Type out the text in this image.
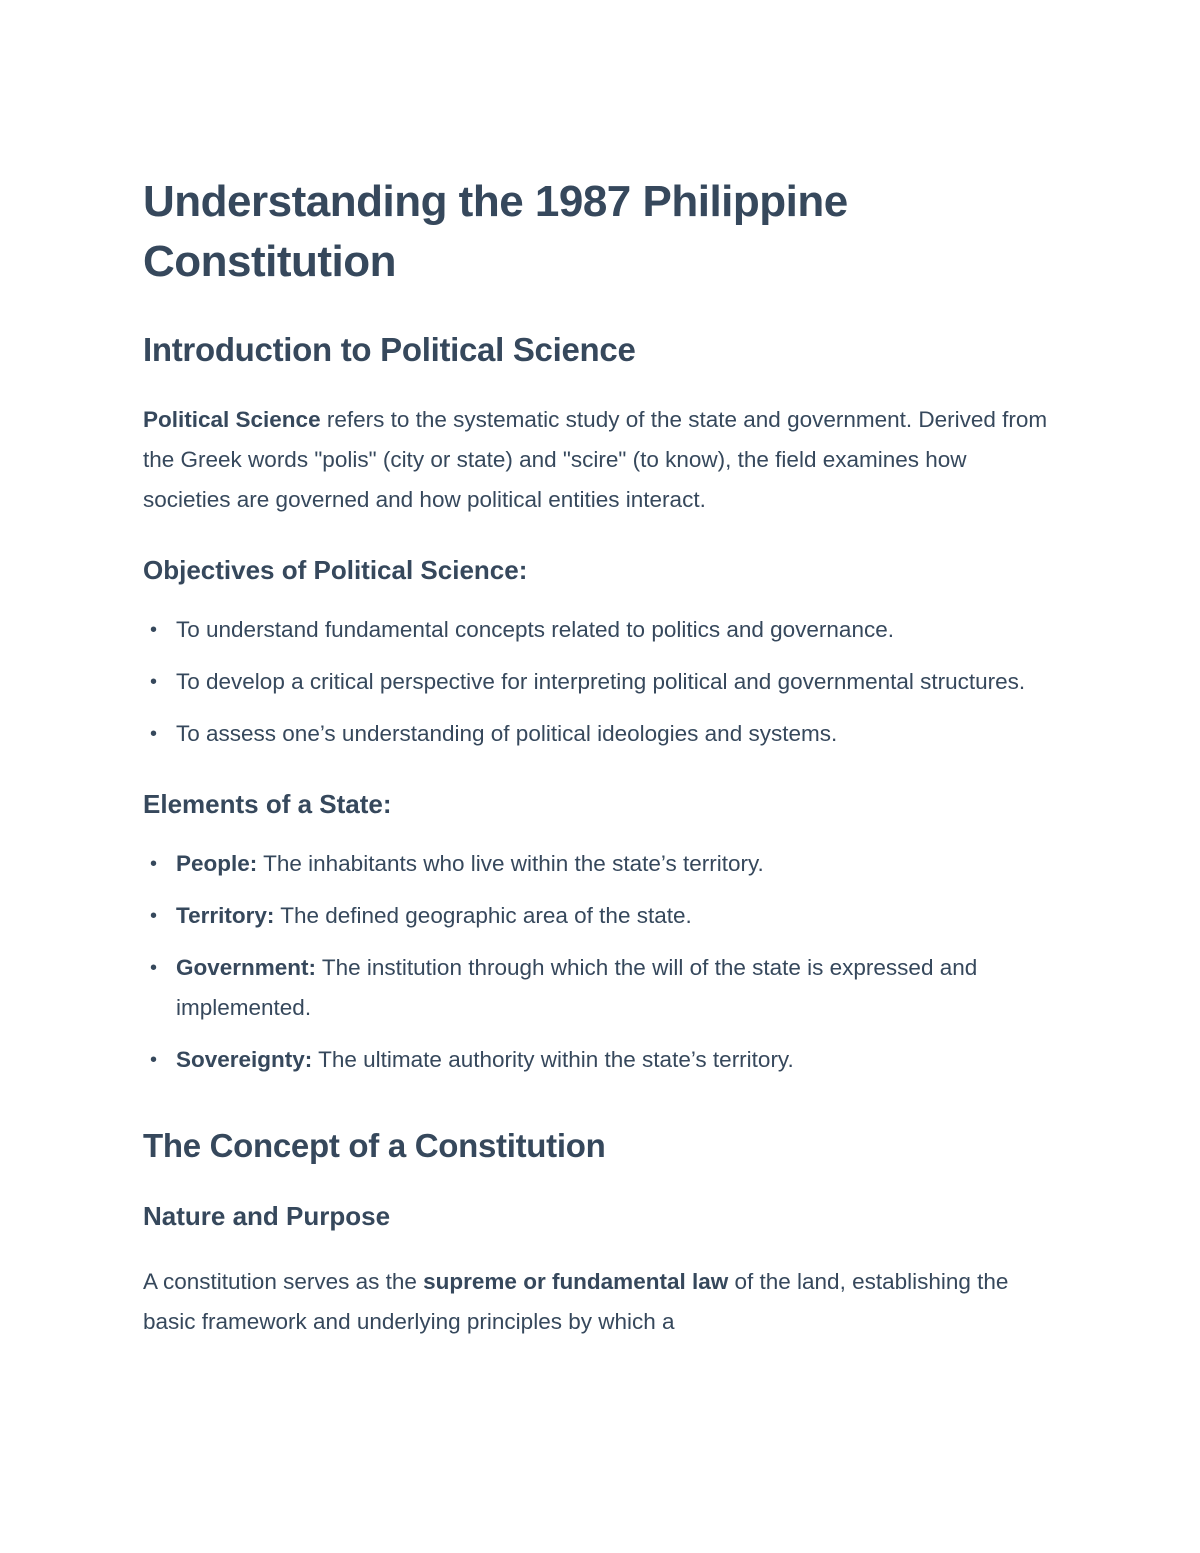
Understanding the 1987 Philippine
Constitution
Introduction to Political Science

Political Science refers to the systematic study of the state and government. Derived from the Greek words "polis" (city or state) and "scire" (to know), the field examines how societies are governed and how political entities interact.

Objectives of Political Science:
• To understand fundamental concepts related to politics and governance.
• To develop a critical perspective for interpreting political and governmental structures.
• To assess one’s understanding of political ideologies and systems.
Elements of a State:
• People: The inhabitants who live within the state’s territory.
• Territory: The defined geographic area of the state.
• Government: The institution through which the will of the state is expressed and implemented.
• Sovereignty: The ultimate authority within the state’s territory.
The Concept of a Constitution
Nature and Purpose

A constitution serves as the supreme or fundamental law of the land, establishing the basic framework and underlying principles by which a
